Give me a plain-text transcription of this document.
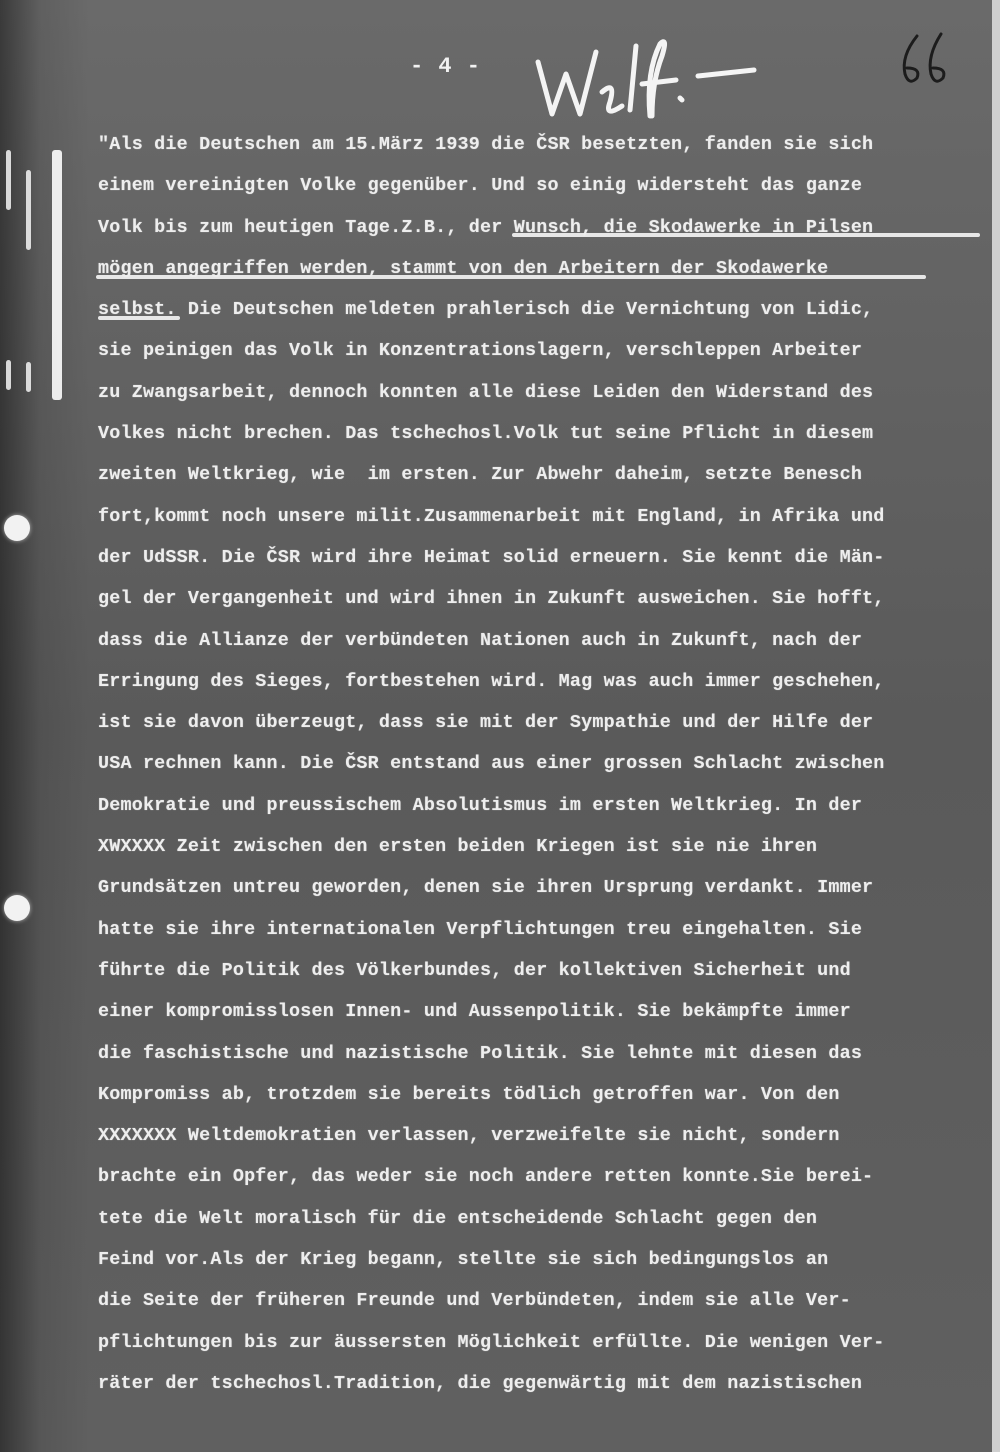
- 4 -
"Als die Deutschen am 15.März 1939 die ČSR besetzten, fanden sie sich
einem vereinigten Volke gegenüber. Und so einig widersteht das ganze
Volk bis zum heutigen Tage.Z.B., der Wunsch, die Skodawerke in Pilsen
mögen angegriffen werden, stammt von den Arbeitern der Skodawerke
selbst. Die Deutschen meldeten prahlerisch die Vernichtung von Lidic,
sie peinigen das Volk in Konzentrationslagern, verschleppen Arbeiter
zu Zwangsarbeit, dennoch konnten alle diese Leiden den Widerstand des
Volkes nicht brechen. Das tschechosl.Volk tut seine Pflicht in diesem
zweiten Weltkrieg, wie  im ersten. Zur Abwehr daheim, setzte Benesch
fort,kommt noch unsere milit.Zusammenarbeit mit England, in Afrika und
der UdSSR. Die ČSR wird ihre Heimat solid erneuern. Sie kennt die Män-
gel der Vergangenheit und wird ihnen in Zukunft ausweichen. Sie hofft,
dass die Allianze der verbündeten Nationen auch in Zukunft, nach der
Erringung des Sieges, fortbestehen wird. Mag was auch immer geschehen,
ist sie davon überzeugt, dass sie mit der Sympathie und der Hilfe der
USA rechnen kann. Die ČSR entstand aus einer grossen Schlacht zwischen
Demokratie und preussischem Absolutismus im ersten Weltkrieg. In der
XWXXXX Zeit zwischen den ersten beiden Kriegen ist sie nie ihren
Grundsätzen untreu geworden, denen sie ihren Ursprung verdankt. Immer
hatte sie ihre internationalen Verpflichtungen treu eingehalten. Sie
führte die Politik des Völkerbundes, der kollektiven Sicherheit und
einer kompromisslosen Innen- und Aussenpolitik. Sie bekämpfte immer
die faschistische und nazistische Politik. Sie lehnte mit diesen das
Kompromiss ab, trotzdem sie bereits tödlich getroffen war. Von den
XXXXXXX Weltdemokratien verlassen, verzweifelte sie nicht, sondern
brachte ein Opfer, das weder sie noch andere retten konnte.Sie berei-
tete die Welt moralisch für die entscheidende Schlacht gegen den
Feind vor.Als der Krieg begann, stellte sie sich bedingungslos an
die Seite der früheren Freunde und Verbündeten, indem sie alle Ver-
pflichtungen bis zur äussersten Möglichkeit erfüllte. Die wenigen Ver-
räter der tschechosl.Tradition, die gegenwärtig mit dem nazistischen
